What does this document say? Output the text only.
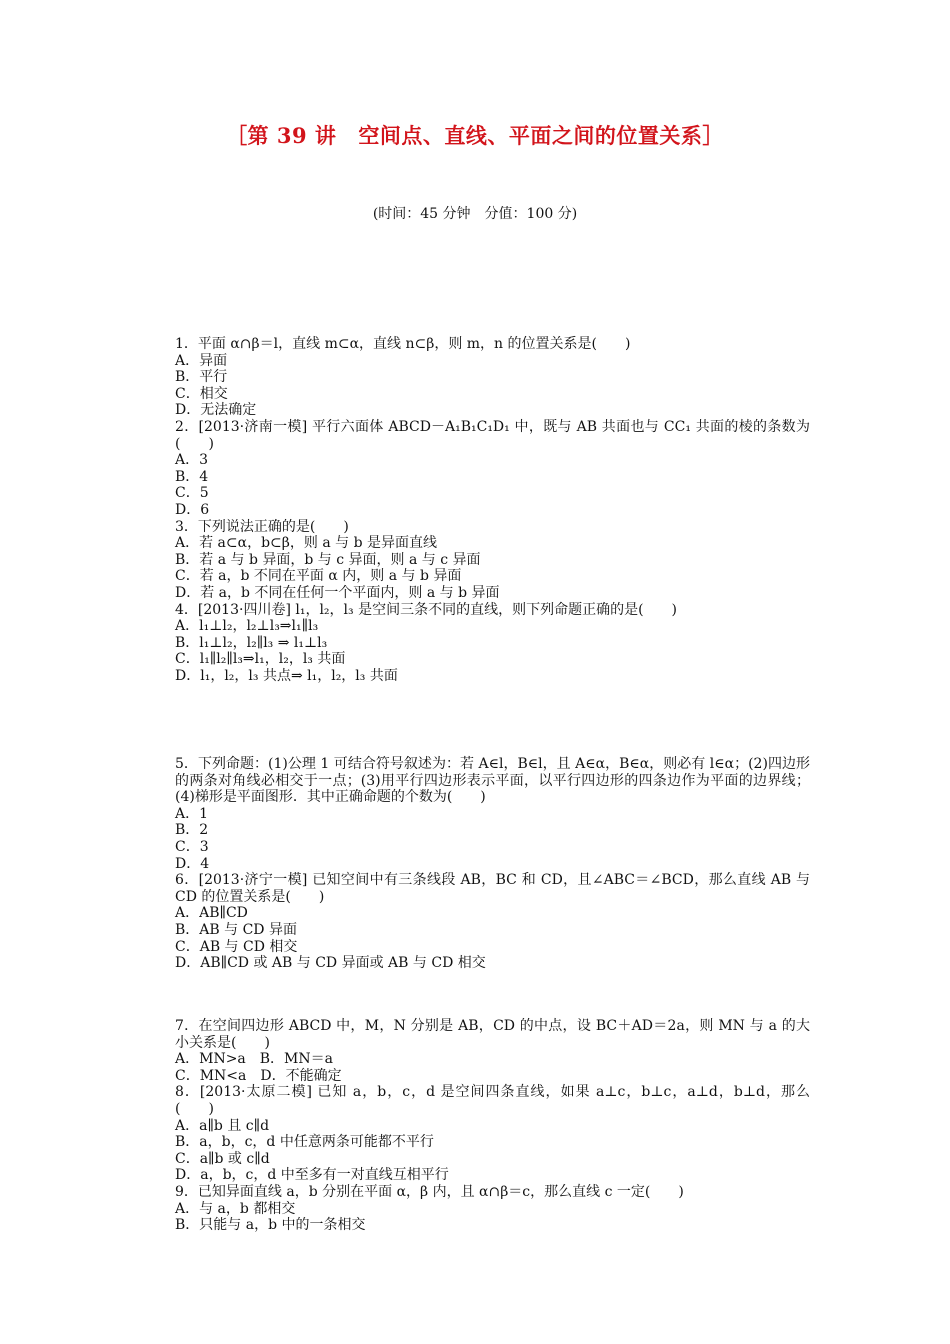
［第 39 讲 空间点、直线、平面之间的位置关系］
(时间：45 分钟　分值：100 分)
1．平面 α∩β＝l，直线 m⊂α，直线 n⊂β，则 m，n 的位置关系是(　　)
A．异面
B．平行
C．相交
D．无法确定
2．[2013·济南一模] 平行六面体 ABCD－A₁B₁C₁D₁ 中，既与 AB 共面也与 CC₁ 共面的棱的条数为(　　)
A．3
B．4
C．5
D．6
3．下列说法正确的是(　　)
A．若 a⊂α，b⊂β，则 a 与 b 是异面直线
B．若 a 与 b 异面，b 与 c 异面，则 a 与 c 异面
C．若 a，b 不同在平面 α 内，则 a 与 b 异面
D．若 a，b 不同在任何一个平面内，则 a 与 b 异面
4．[2013·四川卷] l₁，l₂，l₃ 是空间三条不同的直线，则下列命题正确的是(　　)
A．l₁⊥l₂，l₂⊥l₃⇒l₁∥l₃
B．l₁⊥l₂，l₂∥l₃ ⇒ l₁⊥l₃
C．l₁∥l₂∥l₃⇒l₁，l₂，l₃ 共面
D．l₁，l₂，l₃ 共点⇒ l₁，l₂，l₃ 共面
5．下列命题：(1)公理 1 可结合符号叙述为：若 A∈l，B∈l，且 A∈α，B∈α，则必有 l∈α；(2)四边形的两条对角线必相交于一点；(3)用平行四边形表示平面，以平行四边形的四条边作为平面的边界线；(4)梯形是平面图形．其中正确命题的个数为(　　)
A．1
B．2
C．3
D．4
6．[2013·济宁一模] 已知空间中有三条线段 AB，BC 和 CD，且∠ABC＝∠BCD，那么直线 AB 与 CD 的位置关系是(　　)
A．AB∥CD
B．AB 与 CD 异面
C．AB 与 CD 相交
D．AB∥CD 或 AB 与 CD 异面或 AB 与 CD 相交
7．在空间四边形 ABCD 中，M，N 分别是 AB，CD 的中点，设 BC＋AD＝2a，则 MN 与 a 的大小关系是(　　)
A．MN>a　B．MN＝a
C．MN<a　D．不能确定
8．[2013·太原二模] 已知 a，b，c，d 是空间四条直线，如果 a⊥c，b⊥c，a⊥d，b⊥d，那么(　　)
A．a∥b 且 c∥d
B．a，b，c，d 中任意两条可能都不平行
C．a∥b 或 c∥d
D．a，b，c，d 中至多有一对直线互相平行
9．已知异面直线 a，b 分别在平面 α，β 内，且 α∩β＝c，那么直线 c 一定(　　)
A．与 a，b 都相交
B．只能与 a，b 中的一条相交
